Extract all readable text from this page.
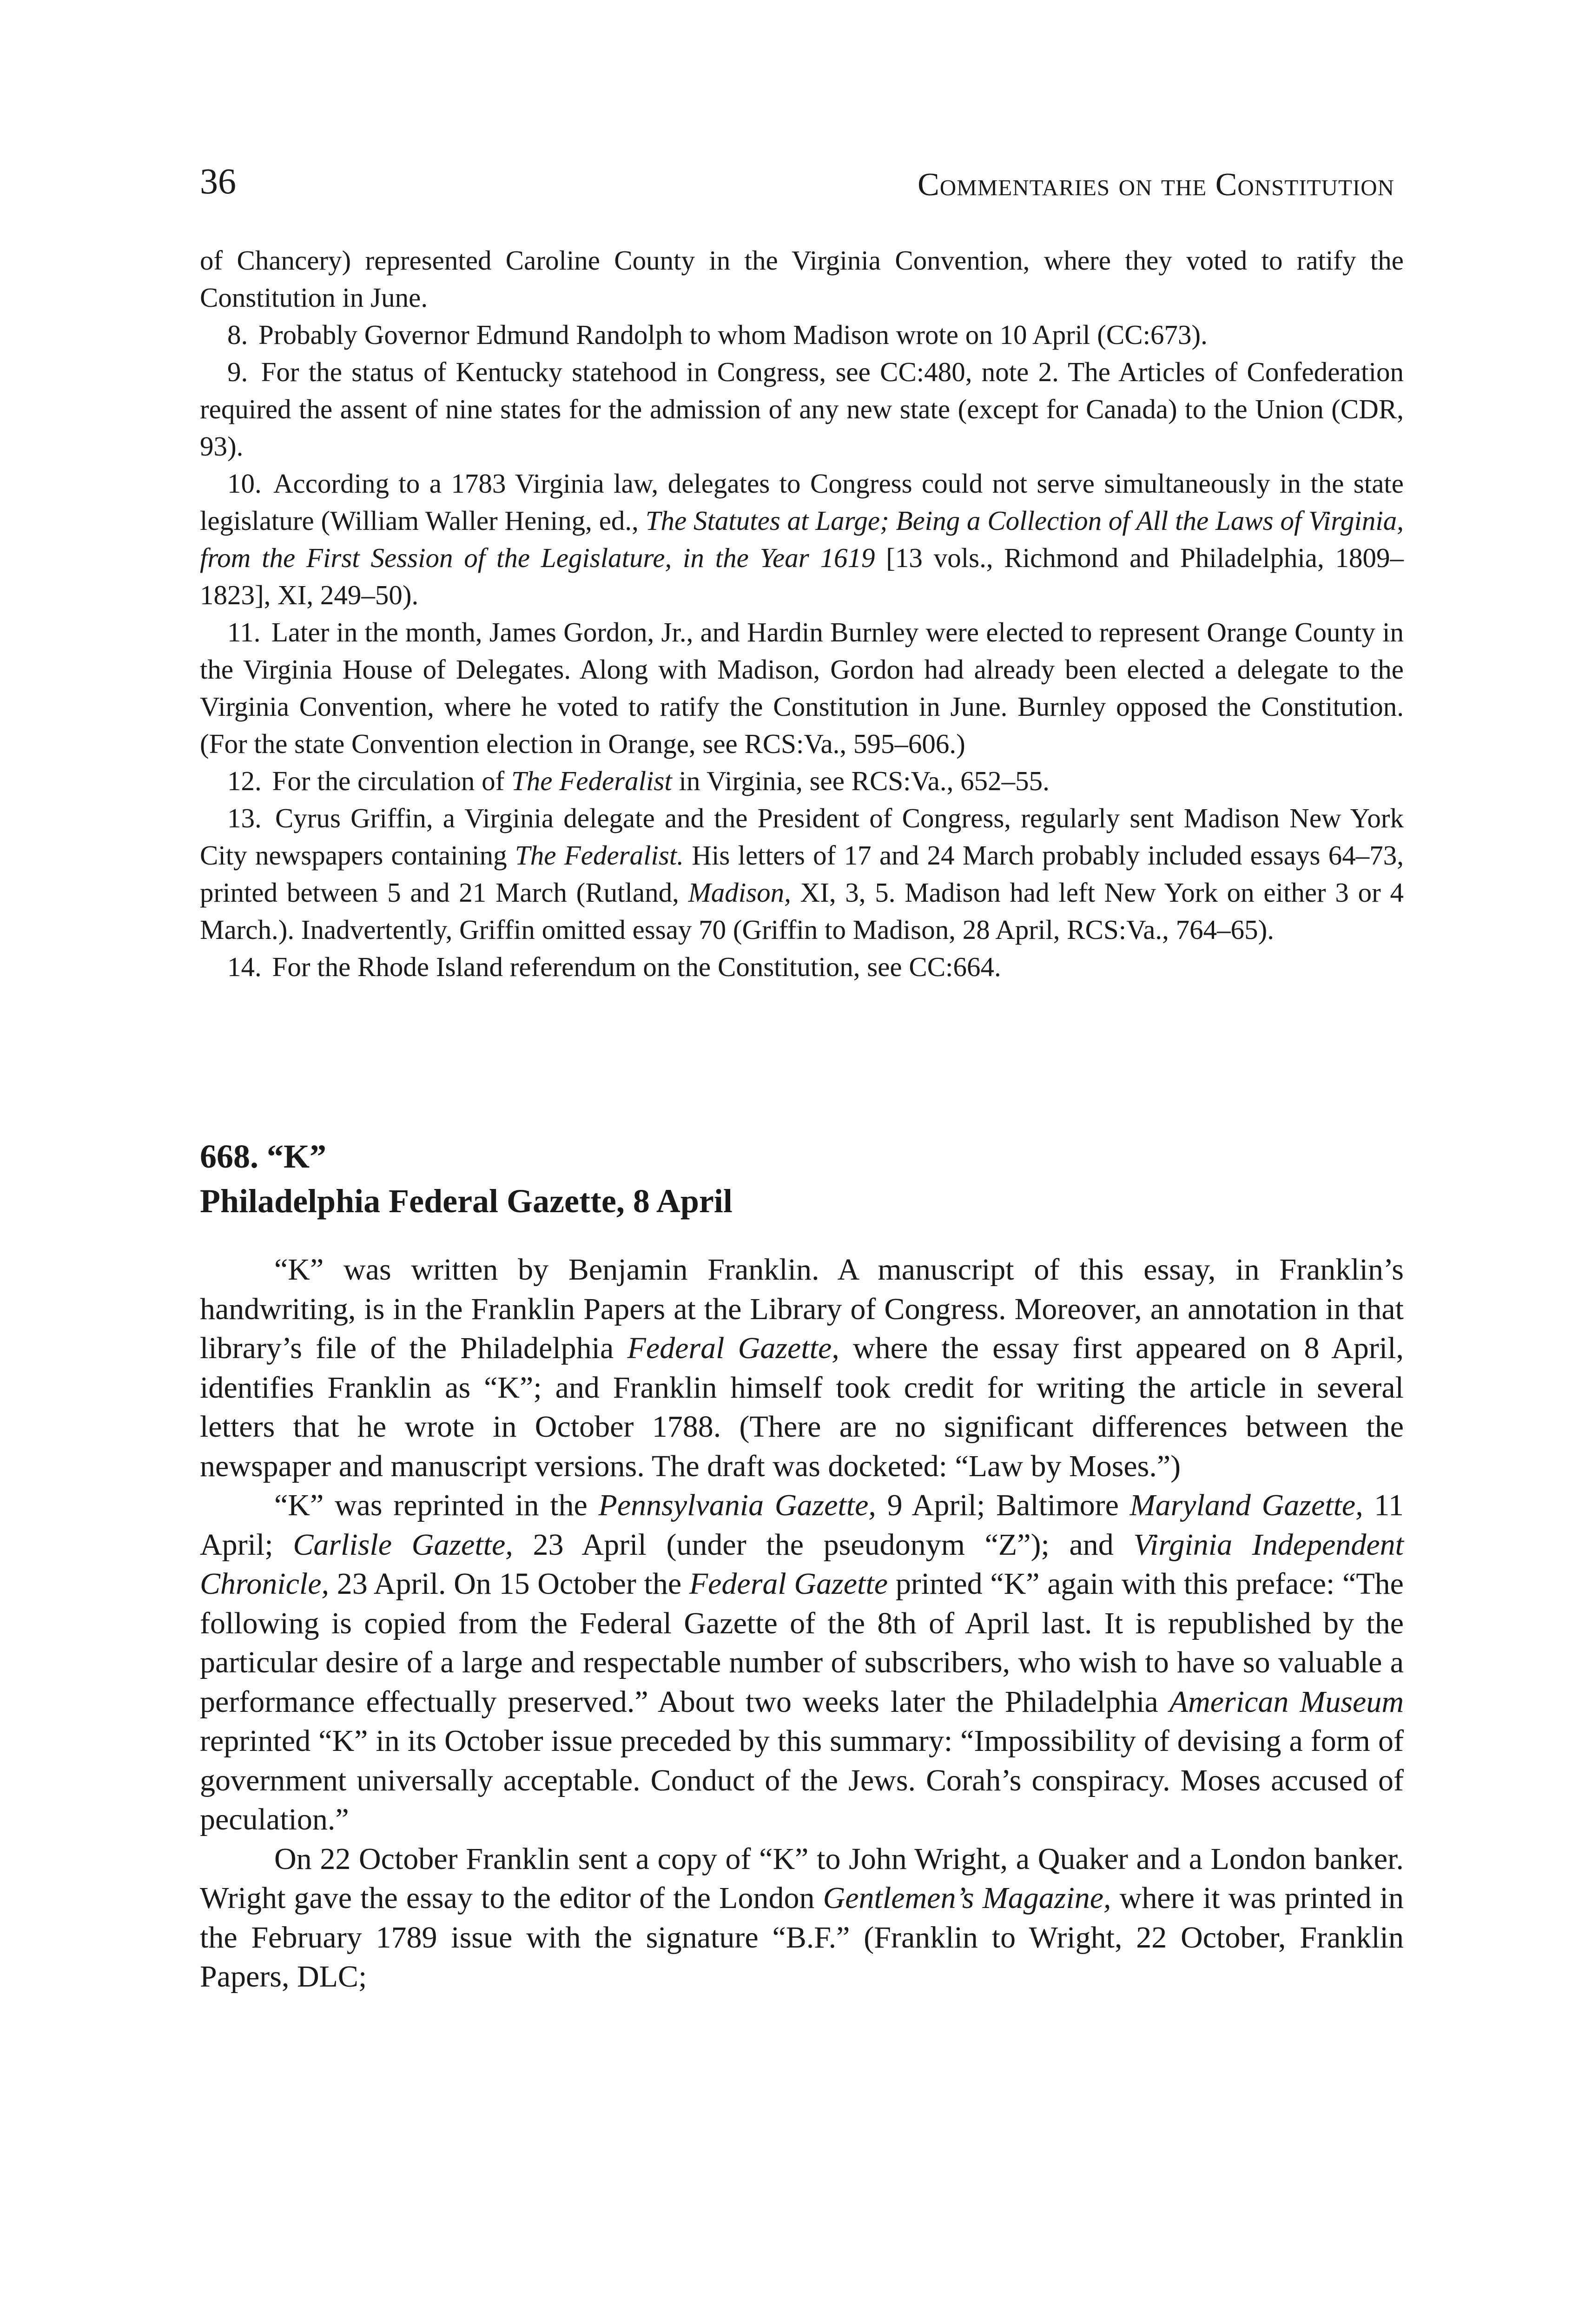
36	Commentaries on the Constitution

of Chancery) represented Caroline County in the Virginia Convention, where they voted to ratify the Constitution in June.

 8. Probably Governor Edmund Randolph to whom Madison wrote on 10 April (CC:673).

 9. For the status of Kentucky statehood in Congress, see CC:480, note 2. The Articles of Confederation required the assent of nine states for the admission of any new state (except for Canada) to the Union (CDR, 93).

 10. According to a 1783 Virginia law, delegates to Congress could not serve simultaneously in the state legislature (William Waller Hening, ed., The Statutes at Large; Being a Collection of All the Laws of Virginia, from the First Session of the Legislature, in the Year 1619 [13 vols., Richmond and Philadelphia, 1809–1823], XI, 249–50).

 11. Later in the month, James Gordon, Jr., and Hardin Burnley were elected to represent Orange County in the Virginia House of Delegates. Along with Madison, Gordon had already been elected a delegate to the Virginia Convention, where he voted to ratify the Constitution in June. Burnley opposed the Constitution. (For the state Convention election in Orange, see RCS:Va., 595–606.)

 12. For the circulation of The Federalist in Virginia, see RCS:Va., 652–55.

 13. Cyrus Griffin, a Virginia delegate and the President of Congress, regularly sent Madison New York City newspapers containing The Federalist. His letters of 17 and 24 March probably included essays 64–73, printed between 5 and 21 March (Rutland, Madison, XI, 3, 5. Madison had left New York on either 3 or 4 March.). Inadvertently, Griffin omitted essay 70 (Griffin to Madison, 28 April, RCS:Va., 764–65).

 14. For the Rhode Island referendum on the Constitution, see CC:664.

668. “K”

Philadelphia Federal Gazette, 8 April

“K” was written by Benjamin Franklin. A manuscript of this essay, in Franklin’s handwriting, is in the Franklin Papers at the Library of Congress. Moreover, an annotation in that library’s file of the Philadelphia Federal Gazette, where the essay first appeared on 8 April, identifies Franklin as “K”; and Franklin himself took credit for writing the article in several letters that he wrote in October 1788. (There are no significant differences between the newspaper and manuscript versions. The draft was docketed: “Law by Moses.”)

“K” was reprinted in the Pennsylvania Gazette, 9 April; Baltimore Maryland Gazette, 11 April; Carlisle Gazette, 23 April (under the pseudonym “Z”); and Virginia Independent Chronicle, 23 April. On 15 October the Federal Gazette printed “K” again with this preface: “The following is copied from the Federal Gazette of the 8th of April last. It is republished by the particular desire of a large and respectable number of subscribers, who wish to have so valuable a performance effectually preserved.” About two weeks later the Philadelphia American Museum reprinted “K” in its October issue preceded by this summary: “Impossibility of devising a form of government universally acceptable. Conduct of the Jews. Corah’s conspiracy. Moses accused of peculation.”

On 22 October Franklin sent a copy of “K” to John Wright, a Quaker and a London banker. Wright gave the essay to the editor of the London Gentlemen’s Magazine, where it was printed in the February 1789 issue with the signature “B.F.” (Franklin to Wright, 22 October, Franklin Papers, DLC;
